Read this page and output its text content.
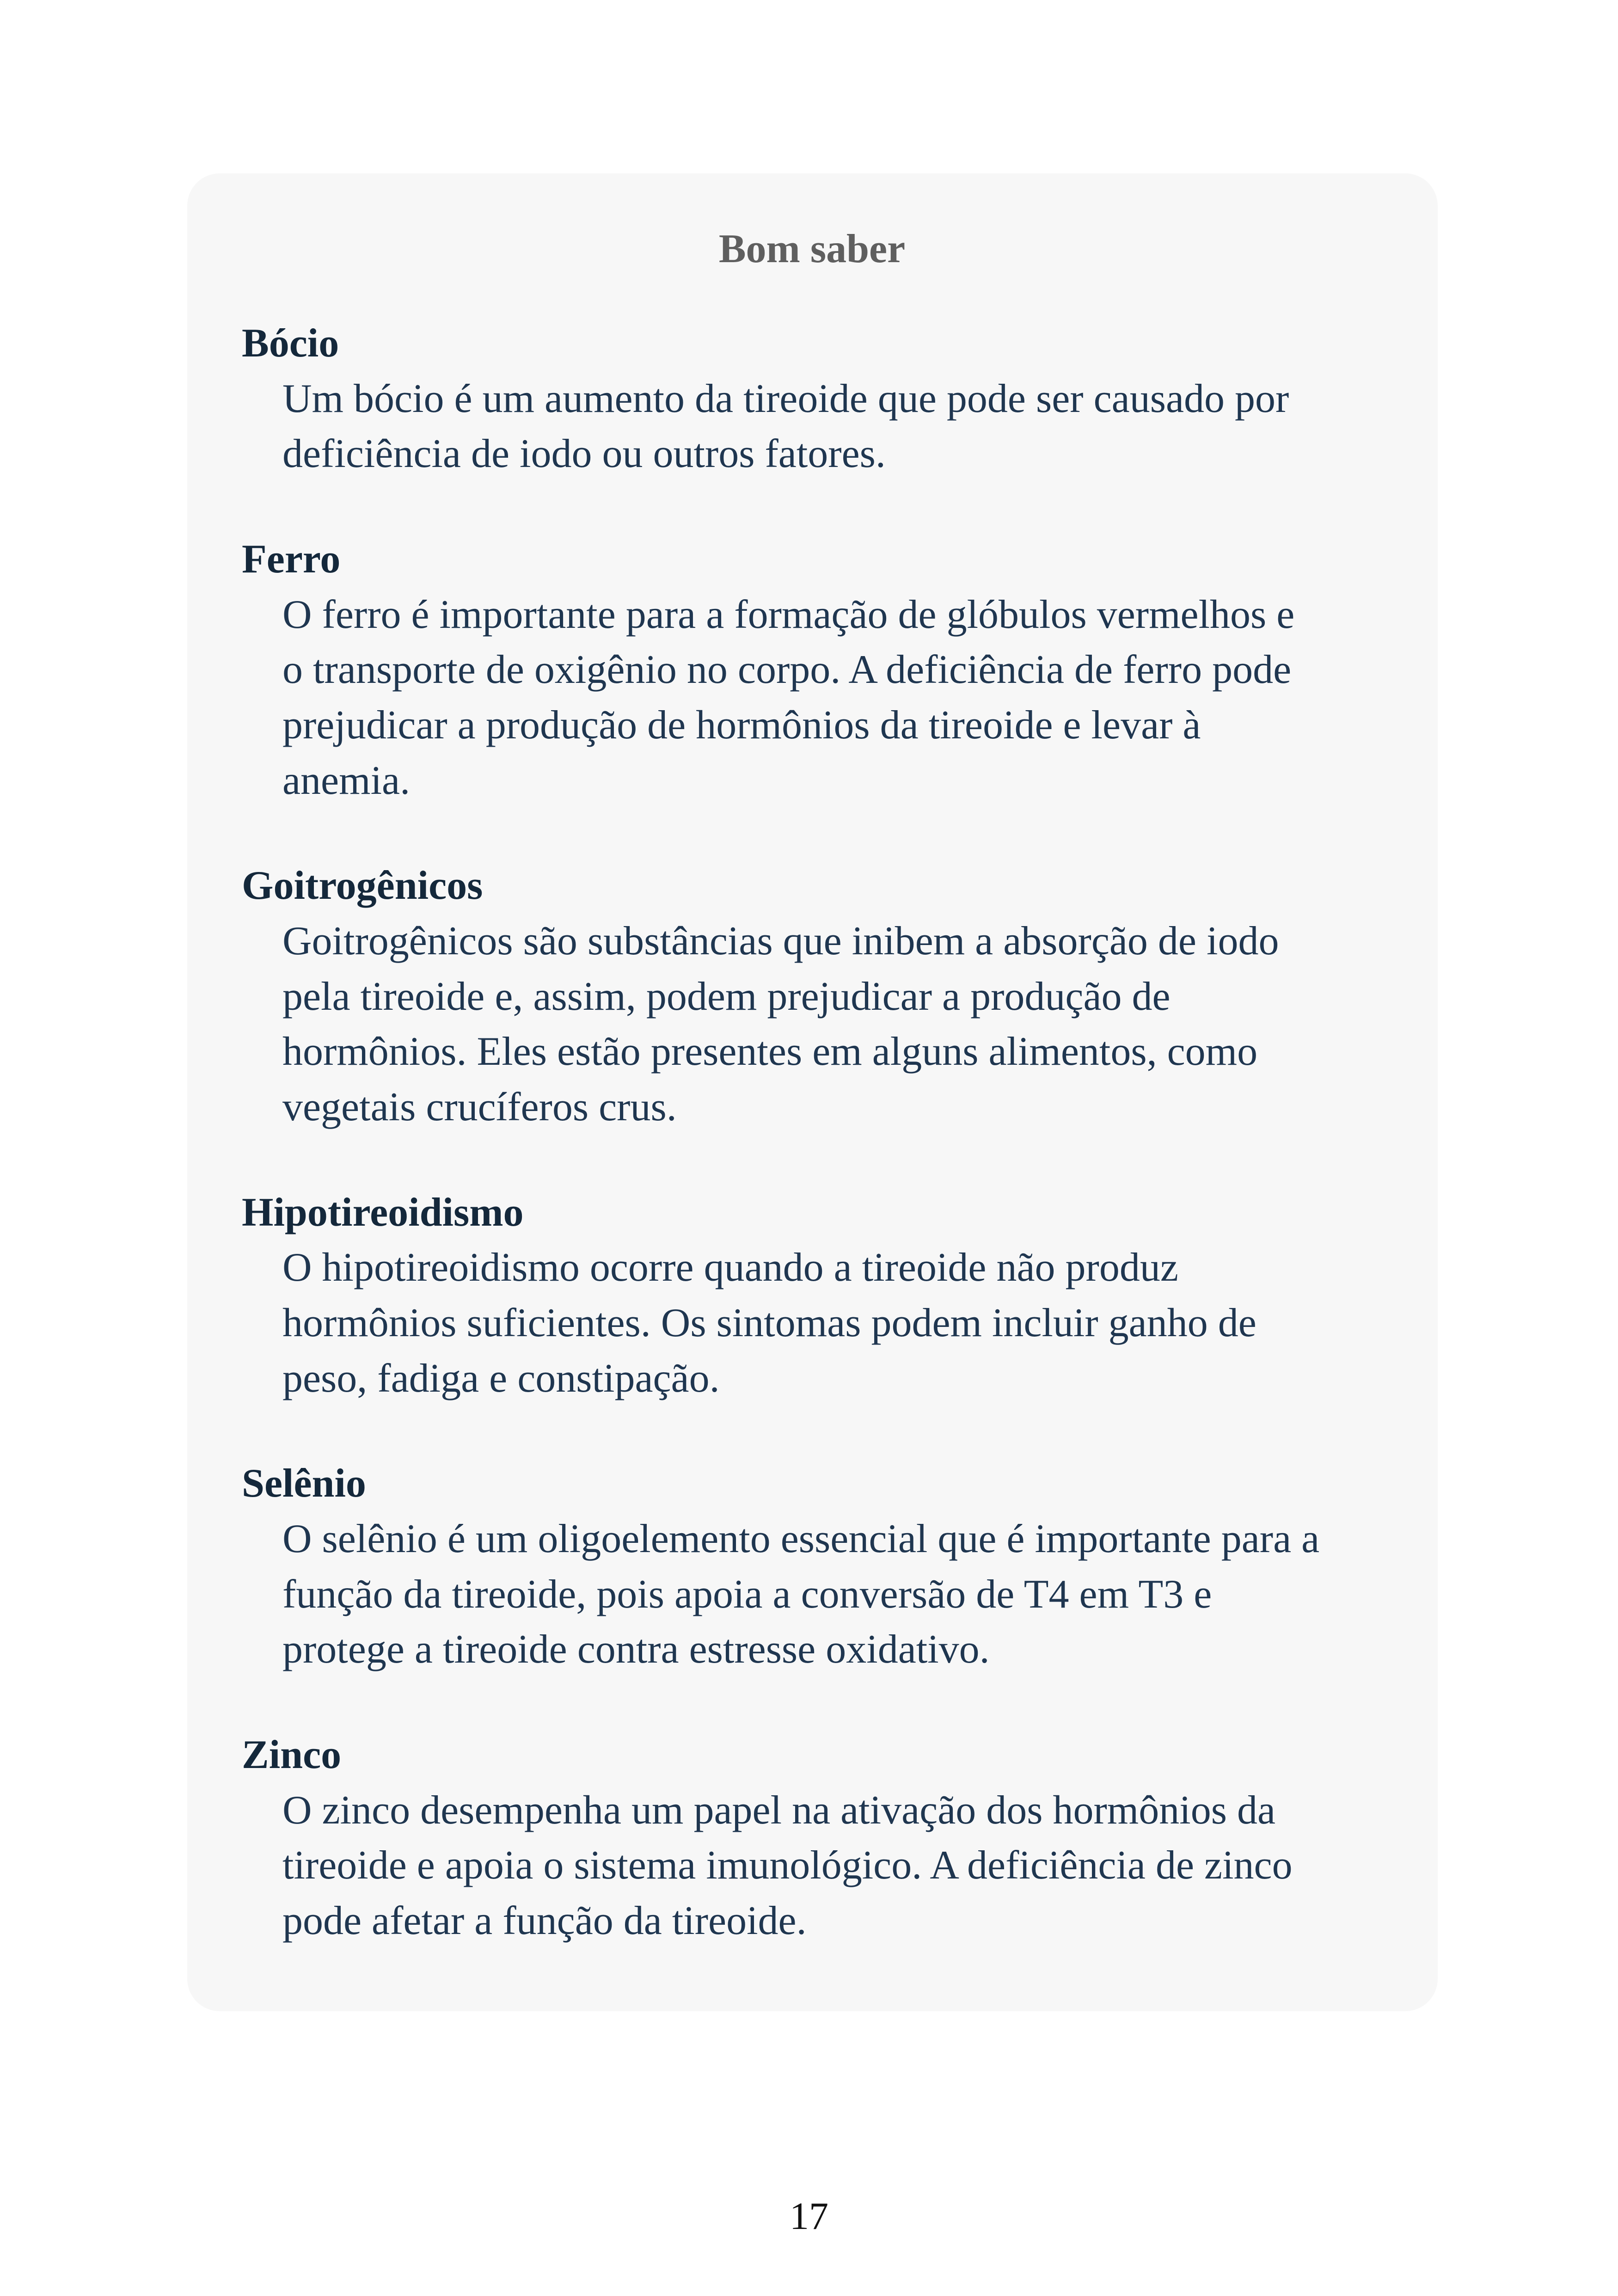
Bom saber
Bócio
Um bócio é um aumento da tireoide que pode ser causado por
deficiência de iodo ou outros fatores.
Ferro
O ferro é importante para a formação de glóbulos vermelhos e
o transporte de oxigênio no corpo. A deficiência de ferro pode
prejudicar a produção de hormônios da tireoide e levar à
anemia.
Goitrogênicos
Goitrogênicos são substâncias que inibem a absorção de iodo
pela tireoide e, assim, podem prejudicar a produção de
hormônios. Eles estão presentes em alguns alimentos, como
vegetais crucíferos crus.
Hipotireoidismo
O hipotireoidismo ocorre quando a tireoide não produz
hormônios suficientes. Os sintomas podem incluir ganho de
peso, fadiga e constipação.
Selênio
O selênio é um oligoelemento essencial que é importante para a
função da tireoide, pois apoia a conversão de T4 em T3 e
protege a tireoide contra estresse oxidativo.
Zinco
O zinco desempenha um papel na ativação dos hormônios da
tireoide e apoia o sistema imunológico. A deficiência de zinco
pode afetar a função da tireoide.
17
